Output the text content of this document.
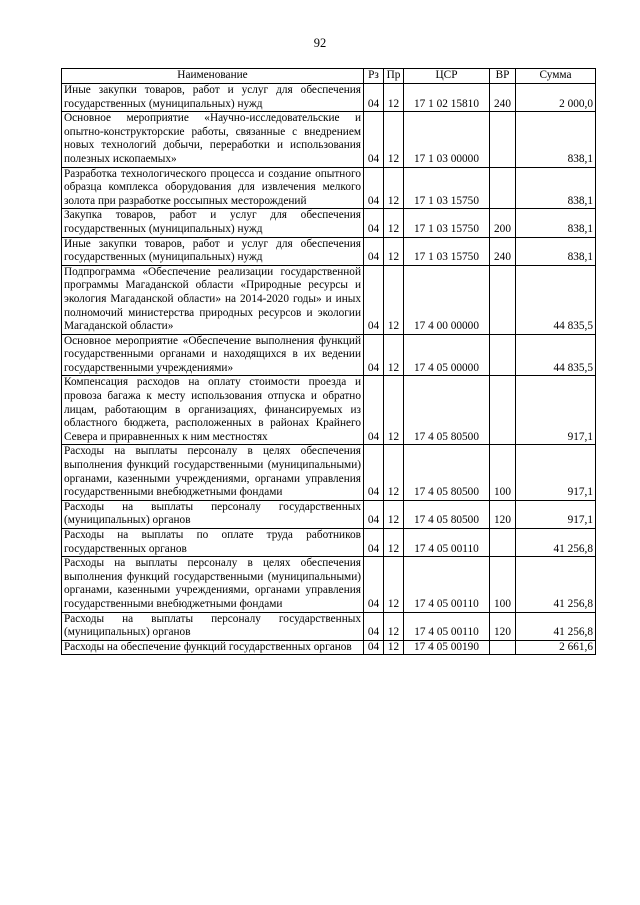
92
Наименование	Рз	Пр	ЦСР	ВР	Сумма
Иные закупки товаров, работ и услуг для обеспечения государственных (муниципальных) нужд	04	12	17 1 02 15810	240	2 000,0
Основное мероприятие «Научно-исследовательские и опытно-конструкторские работы, связанные с внедрением новых технологий добычи, переработки и использования полезных ископаемых»	04	12	17 1 03 00000		838,1
Разработка технологического процесса и создание опытного образца комплекса оборудования для извлечения мелкого золота при разработке россыпных месторождений	04	12	17 1 03 15750		838,1
Закупка товаров, работ и услуг для обеспечения государственных (муниципальных) нужд	04	12	17 1 03 15750	200	838,1
Иные закупки товаров, работ и услуг для обеспечения государственных (муниципальных) нужд	04	12	17 1 03 15750	240	838,1
Подпрограмма «Обеспечение реализации государственной программы Магаданской области «Природные ресурсы и экология Магаданской области» на 2014-2020 годы» и иных полномочий министерства природных ресурсов и экологии Магаданской области»	04	12	17 4 00 00000		44 835,5
Основное мероприятие «Обеспечение выполнения функций государственными органами и находящихся в их ведении государственными учреждениями»	04	12	17 4 05 00000		44 835,5
Компенсация расходов на оплату стоимости проезда и провоза багажа к месту использования отпуска и обратно лицам, работающим в организациях, финансируемых из областного бюджета, расположенных в районах Крайнего Севера и приравненных к ним местностях	04	12	17 4 05 80500		917,1
Расходы на выплаты персоналу в целях обеспечения выполнения функций государственными (муниципальными) органами, казенными учреждениями, органами управления государственными внебюджетными фондами	04	12	17 4 05 80500	100	917,1
Расходы на выплаты персоналу государственных (муниципальных) органов	04	12	17 4 05 80500	120	917,1
Расходы на выплаты по оплате труда работников государственных органов	04	12	17 4 05 00110		41 256,8
Расходы на выплаты персоналу в целях обеспечения выполнения функций государственными (муниципальными) органами, казенными учреждениями, органами управления государственными внебюджетными фондами	04	12	17 4 05 00110	100	41 256,8
Расходы на выплаты персоналу государственных (муниципальных) органов	04	12	17 4 05 00110	120	41 256,8
Расходы на обеспечение функций государственных органов	04	12	17 4 05 00190		2 661,6
